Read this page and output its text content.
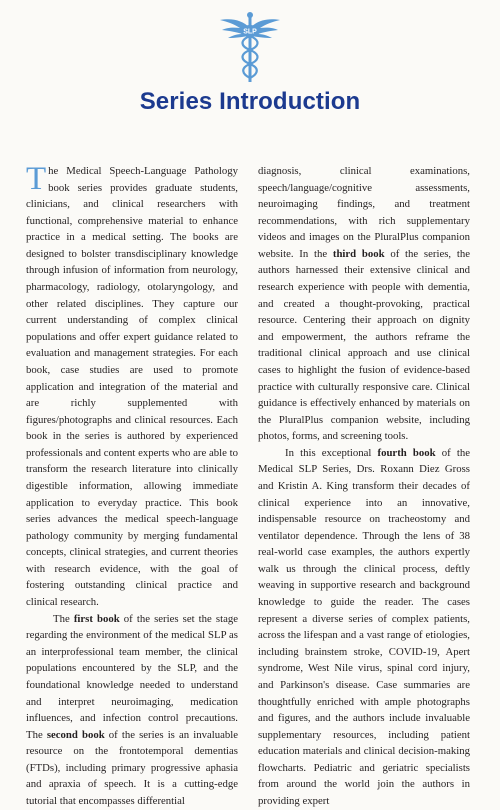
SLP
Series Introduction

The Medical Speech-Language Pathology book series provides graduate students, clinicians, and clinical researchers with functional, comprehensive material to enhance practice in a medical setting. The books are designed to bolster transdisciplinary knowledge through infusion of information from neurology, pharmacology, radiology, otolaryngology, and other related disciplines. They capture our current understanding of complex clinical populations and offer expert guidance related to evaluation and management strategies. For each book, case studies are used to promote application and integration of the material and are richly supplemented with figures/photographs and clinical resources. Each book in the series is authored by experienced professionals and content experts who are able to transform the research literature into clinically digestible information, allowing immediate application to everyday practice. This book series advances the medical speech-language pathology community by merging fundamental concepts, clinical strategies, and current theories with research evidence, with the goal of fostering outstanding clinical practice and clinical research.

The first book of the series set the stage regarding the environment of the medical SLP as an interprofessional team member, the clinical populations encountered by the SLP, and the foundational knowledge needed to understand and interpret neuroimaging, medication influences, and infection control precautions. The second book of the series is an invaluable resource on the frontotemporal dementias (FTDs), including primary progressive aphasia and apraxia of speech. It is a cutting-edge tutorial that encompasses differential

diagnosis, clinical examinations, speech/language/cognitive assessments, neuroimaging findings, and treatment recommendations, with rich supplementary videos and images on the PluralPlus companion website. In the third book of the series, the authors harnessed their extensive clinical and research experience with people with dementia, and created a thought-provoking, practical resource. Centering their approach on dignity and empowerment, the authors reframe the traditional clinical approach and use clinical cases to highlight the fusion of evidence-based practice with culturally responsive care. Clinical guidance is effectively enhanced by materials on the PluralPlus companion website, including photos, forms, and screening tools.

In this exceptional fourth book of the Medical SLP Series, Drs. Roxann Diez Gross and Kristin A. King transform their decades of clinical experience into an innovative, indispensable resource on tracheostomy and ventilator dependence. Through the lens of 38 real-world case examples, the authors expertly walk us through the clinical process, deftly weaving in supportive research and background knowledge to guide the reader. The cases represent a diverse series of complex patients, across the lifespan and a vast range of etiologies, including brainstem stroke, COVID-19, Apert syndrome, West Nile virus, spinal cord injury, and Parkinson's disease. Case summaries are thoughtfully enriched with ample photographs and figures, and the authors include invaluable supplementary resources, including patient education materials and clinical decision-making flowcharts. Pediatric and geriatric specialists from around the world join the authors in providing expert
